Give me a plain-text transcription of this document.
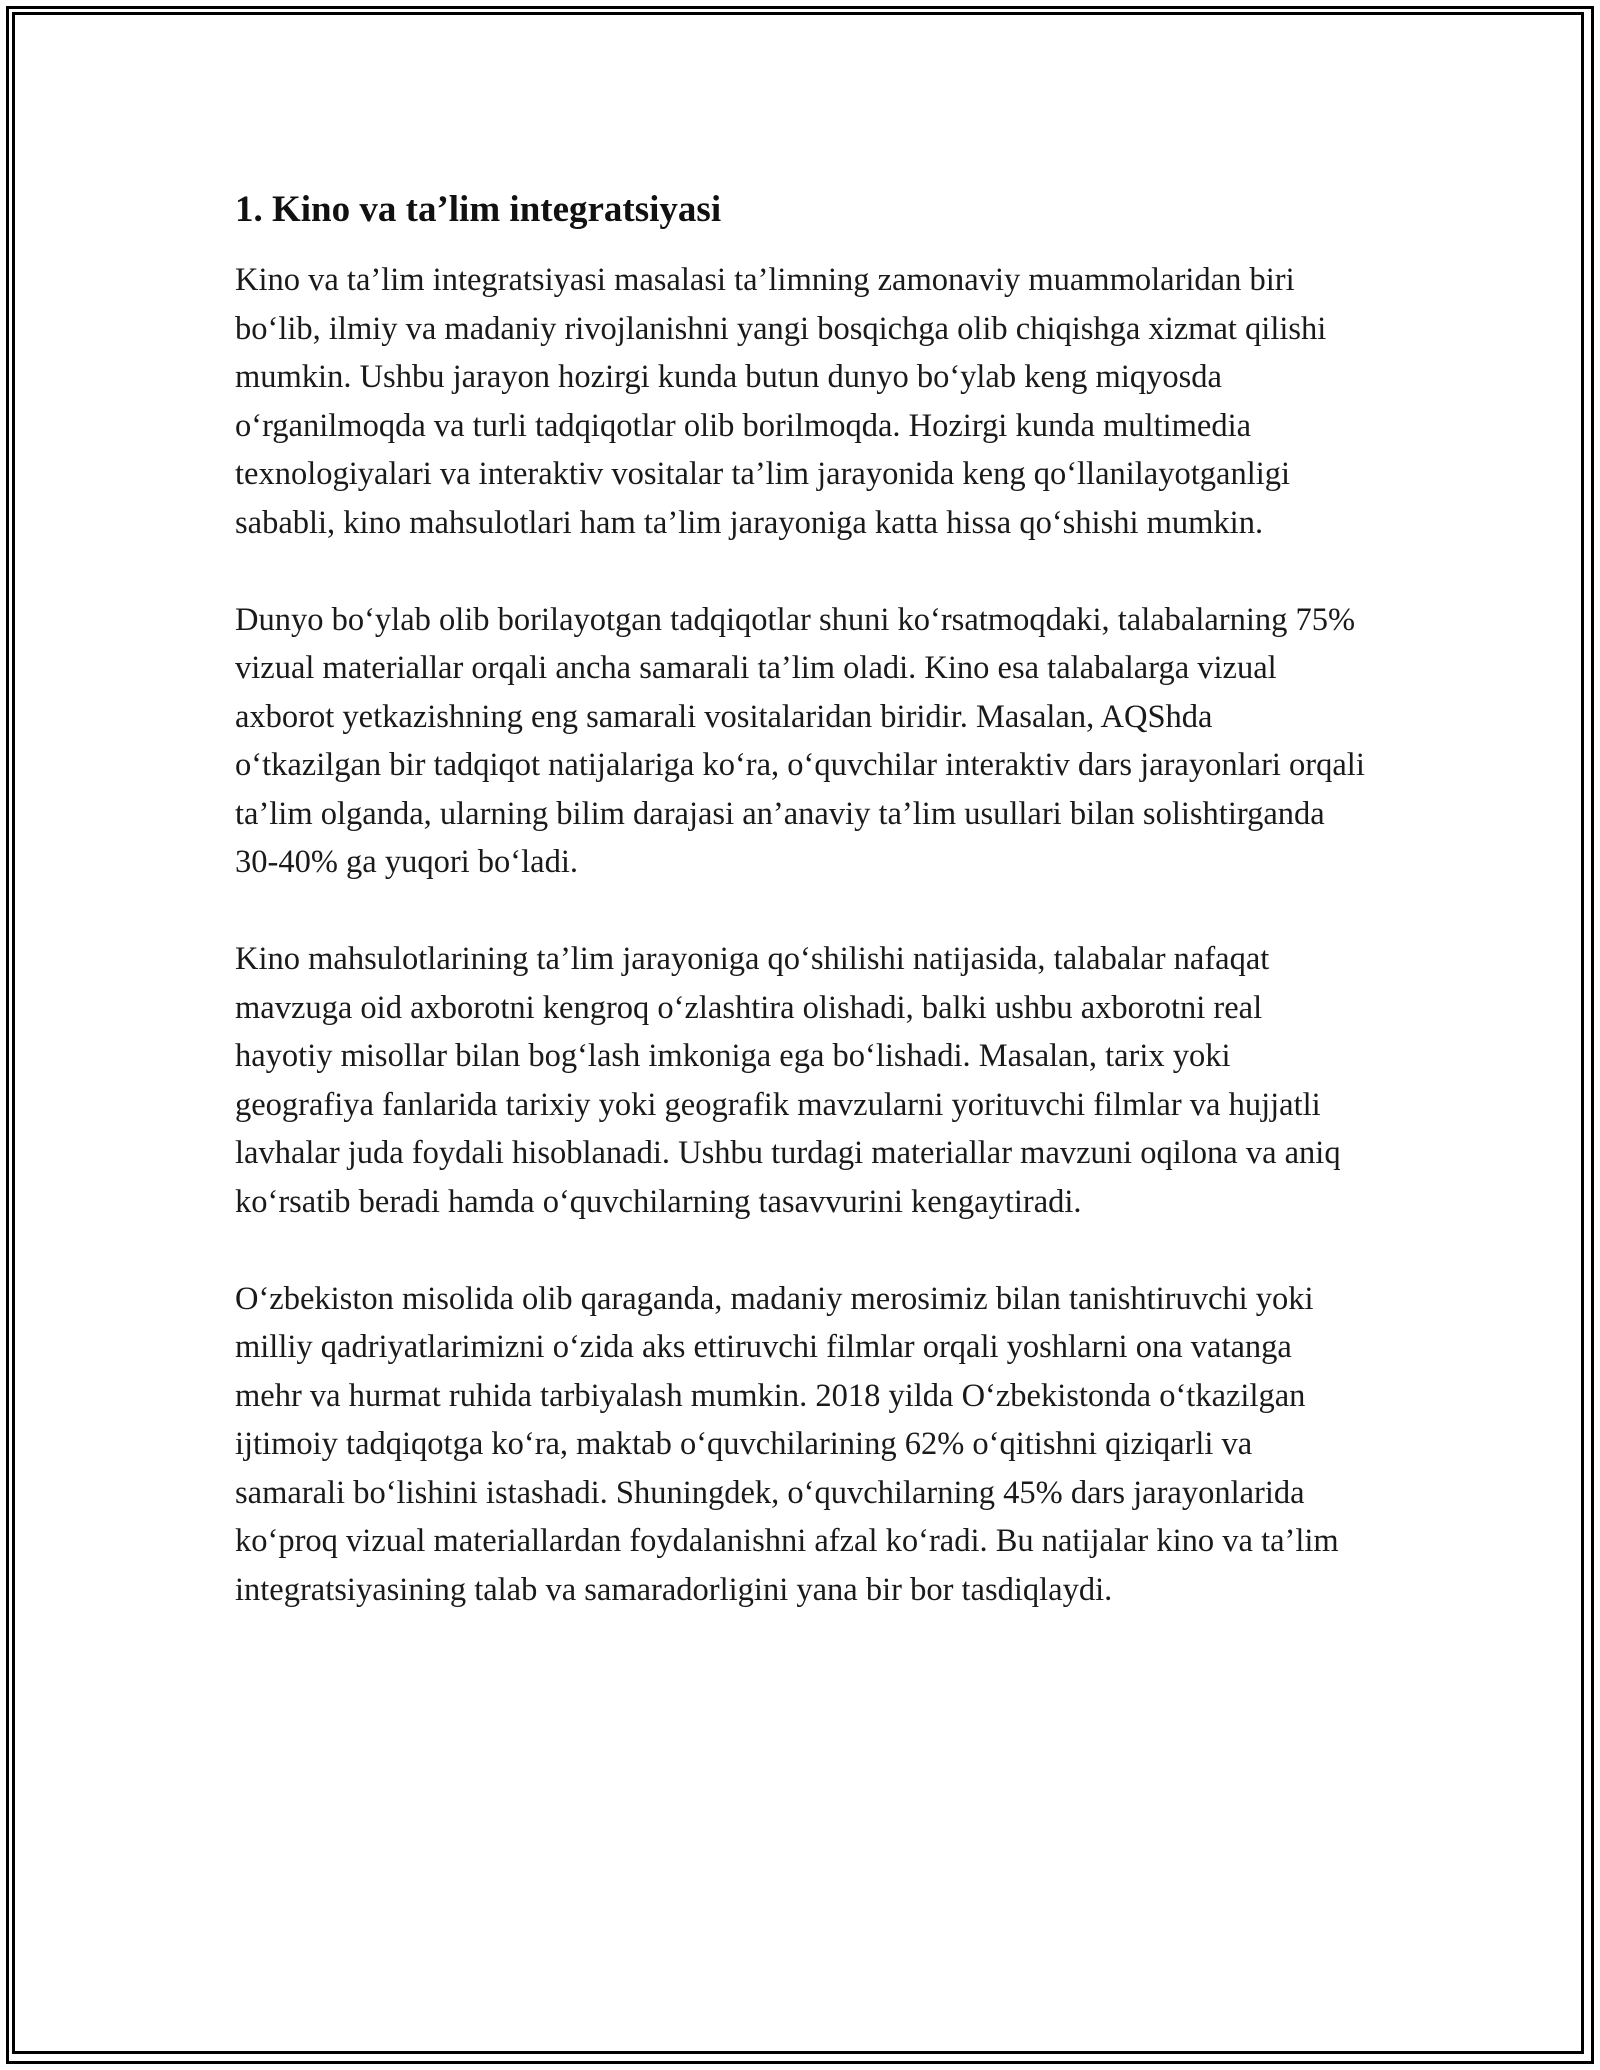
1. Kino va ta’lim integratsiyasi

Kino va ta’lim integratsiyasi masalasi ta’limning zamonaviy muammolaridan biri bo‘lib, ilmiy va madaniy rivojlanishni yangi bosqichga olib chiqishga xizmat qilishi mumkin. Ushbu jarayon hozirgi kunda butun dunyo bo‘ylab keng miqyosda o‘rganilmoqda va turli tadqiqotlar olib borilmoqda. Hozirgi kunda multimedia texnologiyalari va interaktiv vositalar ta’lim jarayonida keng qo‘llanilayotganligi sababli, kino mahsulotlari ham ta’lim jarayoniga katta hissa qo‘shishi mumkin.

Dunyo bo‘ylab olib borilayotgan tadqiqotlar shuni ko‘rsatmoqdaki, talabalarning 75% vizual materiallar orqali ancha samarali ta’lim oladi. Kino esa talabalarga vizual axborot yetkazishning eng samarali vositalaridan biridir. Masalan, AQShda o‘tkazilgan bir tadqiqot natijalariga ko‘ra, o‘quvchilar interaktiv dars jarayonlari orqali ta’lim olganda, ularning bilim darajasi an’anaviy ta’lim usullari bilan solishtirganda 30-40% ga yuqori bo‘ladi.

Kino mahsulotlarining ta’lim jarayoniga qo‘shilishi natijasida, talabalar nafaqat mavzuga oid axborotni kengroq o‘zlashtira olishadi, balki ushbu axborotni real hayotiy misollar bilan bog‘lash imkoniga ega bo‘lishadi. Masalan, tarix yoki geografiya fanlarida tarixiy yoki geografik mavzularni yorituvchi filmlar va hujjatli lavhalar juda foydali hisoblanadi. Ushbu turdagi materiallar mavzuni oqilona va aniq ko‘rsatib beradi hamda o‘quvchilarning tasavvurini kengaytiradi.

O‘zbekiston misolida olib qaraganda, madaniy merosimiz bilan tanishtiruvchi yoki milliy qadriyatlarimizni o‘zida aks ettiruvchi filmlar orqali yoshlarni ona vatanga mehr va hurmat ruhida tarbiyalash mumkin. 2018 yilda O‘zbekistonda o‘tkazilgan ijtimoiy tadqiqotga ko‘ra, maktab o‘quvchilarining 62% o‘qitishni qiziqarli va samarali bo‘lishini istashadi. Shuningdek, o‘quvchilarning 45% dars jarayonlarida ko‘proq vizual materiallardan foydalanishni afzal ko‘radi. Bu natijalar kino va ta’lim integratsiyasining talab va samaradorligini yana bir bor tasdiqlaydi.
